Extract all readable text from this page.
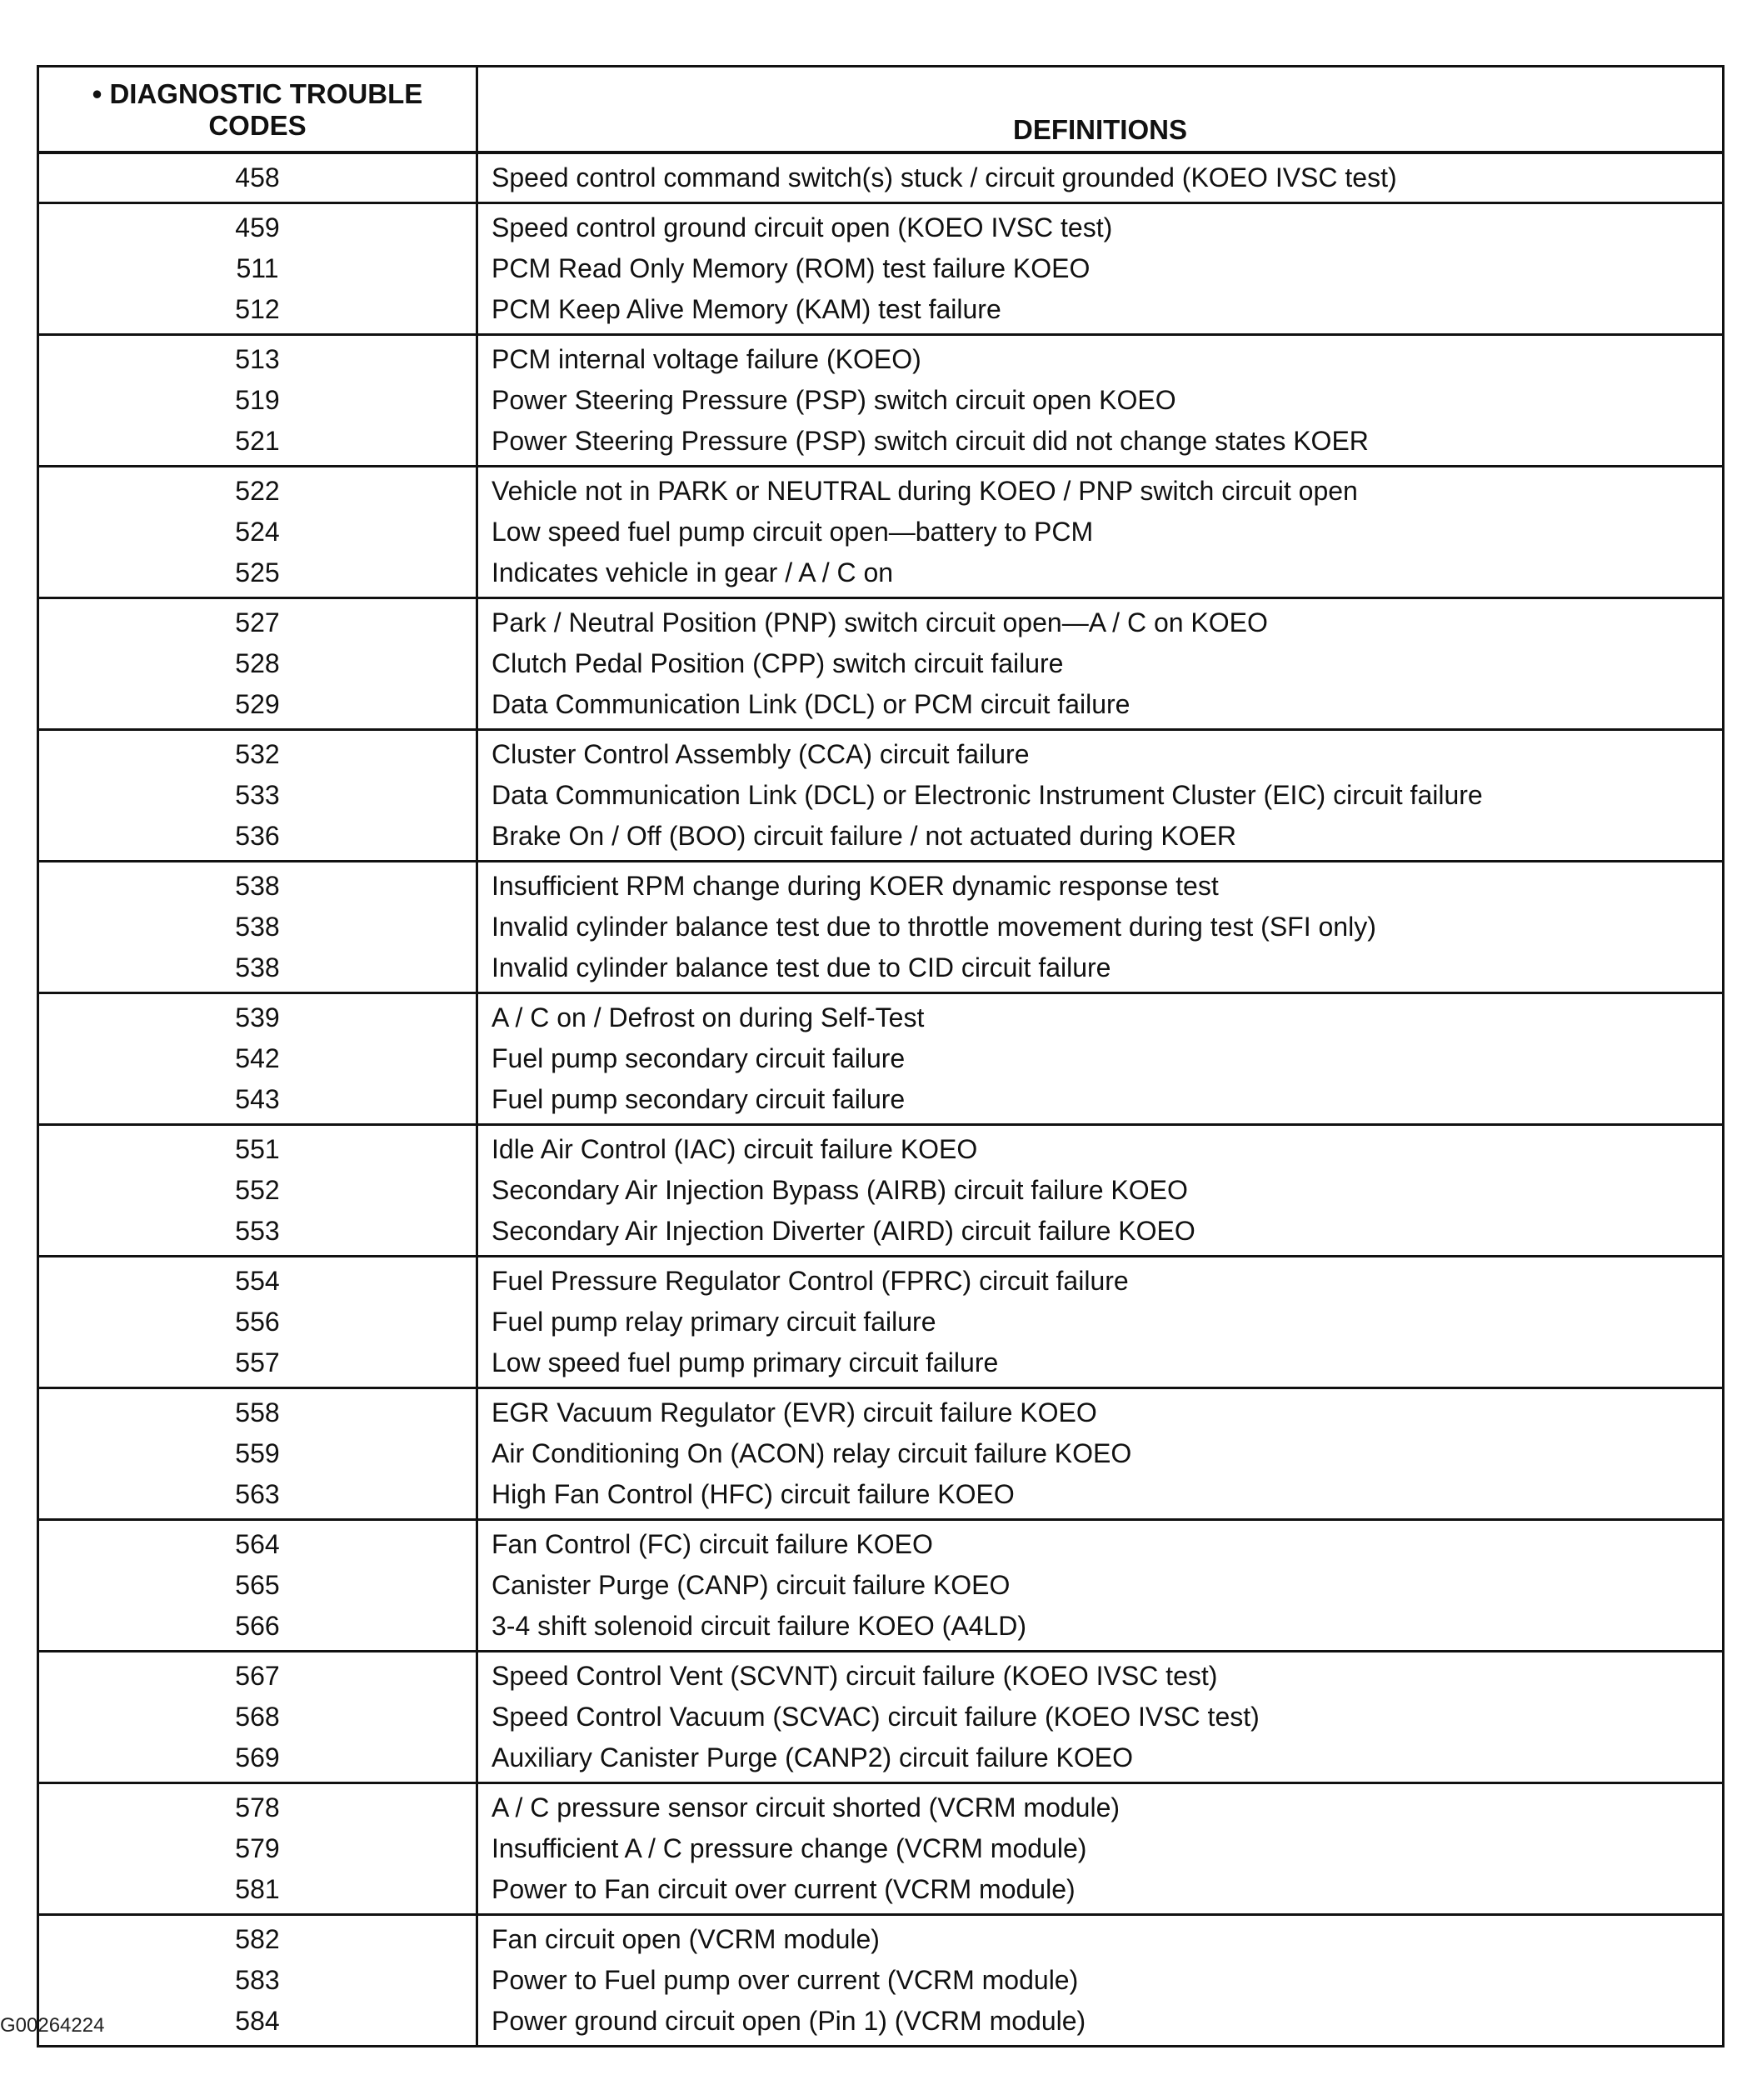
• DIAGNOSTIC TROUBLE
CODES	DEFINITIONS
458	Speed control command switch(s) stuck / circuit grounded (KOEO IVSC test)
459
511
512
Speed control ground circuit open (KOEO IVSC test)
PCM Read Only Memory (ROM) test failure KOEO
PCM Keep Alive Memory (KAM) test failure
513
519
521
PCM internal voltage failure (KOEO)
Power Steering Pressure (PSP) switch circuit open KOEO
Power Steering Pressure (PSP) switch circuit did not change states KOER
522
524
525
Vehicle not in PARK or NEUTRAL during KOEO / PNP switch circuit open
Low speed fuel pump circuit open—battery to PCM
Indicates vehicle in gear / A / C on
527
528
529
Park / Neutral Position (PNP) switch circuit open—A / C on KOEO
Clutch Pedal Position (CPP) switch circuit failure
Data Communication Link (DCL) or PCM circuit failure
532
533
536
Cluster Control Assembly (CCA) circuit failure
Data Communication Link (DCL) or Electronic Instrument Cluster (EIC) circuit failure
Brake On / Off (BOO) circuit failure / not actuated during KOER
538
538
538
Insufficient RPM change during KOER dynamic response test
Invalid cylinder balance test due to throttle movement during test (SFI only)
Invalid cylinder balance test due to CID circuit failure
539
542
543
A / C on / Defrost on during Self-Test
Fuel pump secondary circuit failure
Fuel pump secondary circuit failure
551
552
553
Idle Air Control (IAC) circuit failure KOEO
Secondary Air Injection Bypass (AIRB) circuit failure KOEO
Secondary Air Injection Diverter (AIRD) circuit failure KOEO
554
556
557
Fuel Pressure Regulator Control (FPRC) circuit failure
Fuel pump relay primary circuit failure
Low speed fuel pump primary circuit failure
558
559
563
EGR Vacuum Regulator (EVR) circuit failure KOEO
Air Conditioning On (ACON) relay circuit failure KOEO
High Fan Control (HFC) circuit failure KOEO
564
565
566
Fan Control (FC) circuit failure KOEO
Canister Purge (CANP) circuit failure KOEO
3-4 shift solenoid circuit failure KOEO (A4LD)
567
568
569
Speed Control Vent (SCVNT) circuit failure (KOEO IVSC test)
Speed Control Vacuum (SCVAC) circuit failure (KOEO IVSC test)
Auxiliary Canister Purge (CANP2) circuit failure KOEO
578
579
581
A / C pressure sensor circuit shorted (VCRM module)
Insufficient A / C pressure change (VCRM module)
Power to Fan circuit over current (VCRM module)
582
583
584
Fan circuit open (VCRM module)
Power to Fuel pump over current (VCRM module)
Power ground circuit open (Pin 1) (VCRM module)
G00264224
